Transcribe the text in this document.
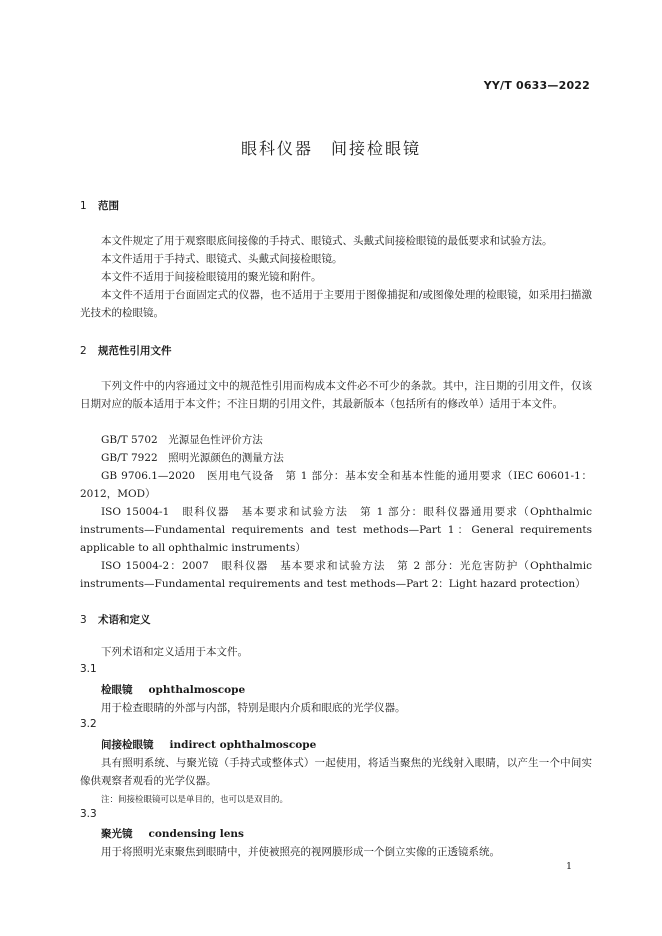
YY/T 0633—2022
眼科仪器　间接检眼镜
1 范围
本文件规定了用于观察眼底间接像的手持式、眼镜式、头戴式间接检眼镜的最低要求和试验方法。
本文件适用于手持式、眼镜式、头戴式间接检眼镜。
本文件不适用于间接检眼镜用的聚光镜和附件。
本文件不适用于台面固定式的仪器，也不适用于主要用于图像捕捉和/或图像处理的检眼镜，如采用扫描激光技术的检眼镜。
2 规范性引用文件
下列文件中的内容通过文中的规范性引用而构成本文件必不可少的条款。其中，注日期的引用文件，仅该日期对应的版本适用于本文件；不注日期的引用文件，其最新版本（包括所有的修改单）适用于本文件。
GB/T 5702　光源显色性评价方法
GB/T 7922　照明光源颜色的测量方法
GB 9706.1—2020　医用电气设备　第 1 部分：基本安全和基本性能的通用要求（IEC 60601-1：2012，MOD）
ISO 15004-1　眼科仪器　基本要求和试验方法　第 1 部分：眼科仪器通用要求（Ophthalmic instruments—Fundamental requirements and test methods—Part 1：General requirements applicable to all ophthalmic instruments）
ISO 15004-2：2007　眼科仪器　基本要求和试验方法　第 2 部分：光危害防护（Ophthalmic instruments—Fundamental requirements and test methods—Part 2：Light hazard protection）
3 术语和定义
下列术语和定义适用于本文件。
3.1
检眼镜 ophthalmoscope
用于检查眼睛的外部与内部，特别是眼内介质和眼底的光学仪器。
3.2
间接检眼镜 indirect ophthalmoscope
具有照明系统、与聚光镜（手持式或整体式）一起使用，将适当聚焦的光线射入眼睛，以产生一个中间实像供观察者观看的光学仪器。
注：间接检眼镜可以是单目的，也可以是双目的。
3.3
聚光镜 condensing lens
用于将照明光束聚焦到眼睛中，并使被照亮的视网膜形成一个倒立实像的正透镜系统。
1
